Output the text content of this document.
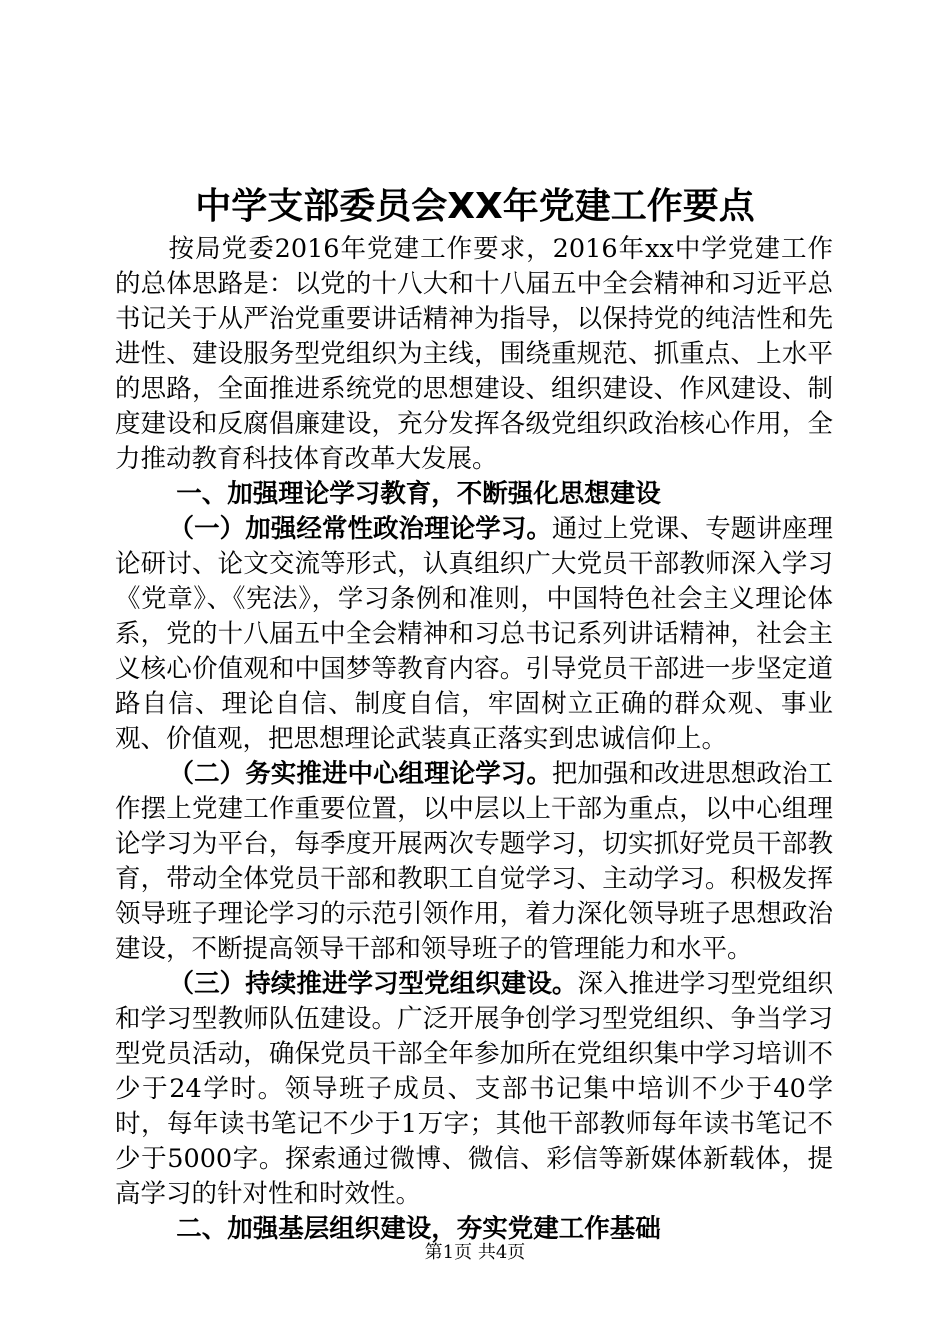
中学支部委员会XX年党建工作要点

按局党委2016年党建工作要求，2016年xx中学党建工作的总体思路是：以党的十八大和十八届五中全会精神和习近平总书记关于从严治党重要讲话精神为指导，以保持党的纯洁性和先进性、建设服务型党组织为主线，围绕重规范、抓重点、上水平的思路，全面推进系统党的思想建设、组织建设、作风建设、制度建设和反腐倡廉建设，充分发挥各级党组织政治核心作用，全力推动教育科技体育改革大发展。

一、加强理论学习教育，不断强化思想建设

（一）加强经常性政治理论学习。通过上党课、专题讲座理论研讨、论文交流等形式，认真组织广大党员干部教师深入学习《党章》、《宪法》，学习条例和准则，中国特色社会主义理论体系，党的十八届五中全会精神和习总书记系列讲话精神，社会主义核心价值观和中国梦等教育内容。引导党员干部进一步坚定道路自信、理论自信、制度自信，牢固树立正确的群众观、事业观、价值观，把思想理论武装真正落实到忠诚信仰上。

（二）务实推进中心组理论学习。把加强和改进思想政治工作摆上党建工作重要位置，以中层以上干部为重点，以中心组理论学习为平台，每季度开展两次专题学习，切实抓好党员干部教育，带动全体党员干部和教职工自觉学习、主动学习。积极发挥领导班子理论学习的示范引领作用，着力深化领导班子思想政治建设，不断提高领导干部和领导班子的管理能力和水平。

（三）持续推进学习型党组织建设。深入推进学习型党组织和学习型教师队伍建设。广泛开展争创学习型党组织、争当学习型党员活动，确保党员干部全年参加所在党组织集中学习培训不少于24学时。领导班子成员、支部书记集中培训不少于40学时，每年读书笔记不少于1万字；其他干部教师每年读书笔记不少于5000字。探索通过微博、微信、彩信等新媒体新载体，提高学习的针对性和时效性。

二、加强基层组织建设，夯实党建工作基础

第1页 共4页
